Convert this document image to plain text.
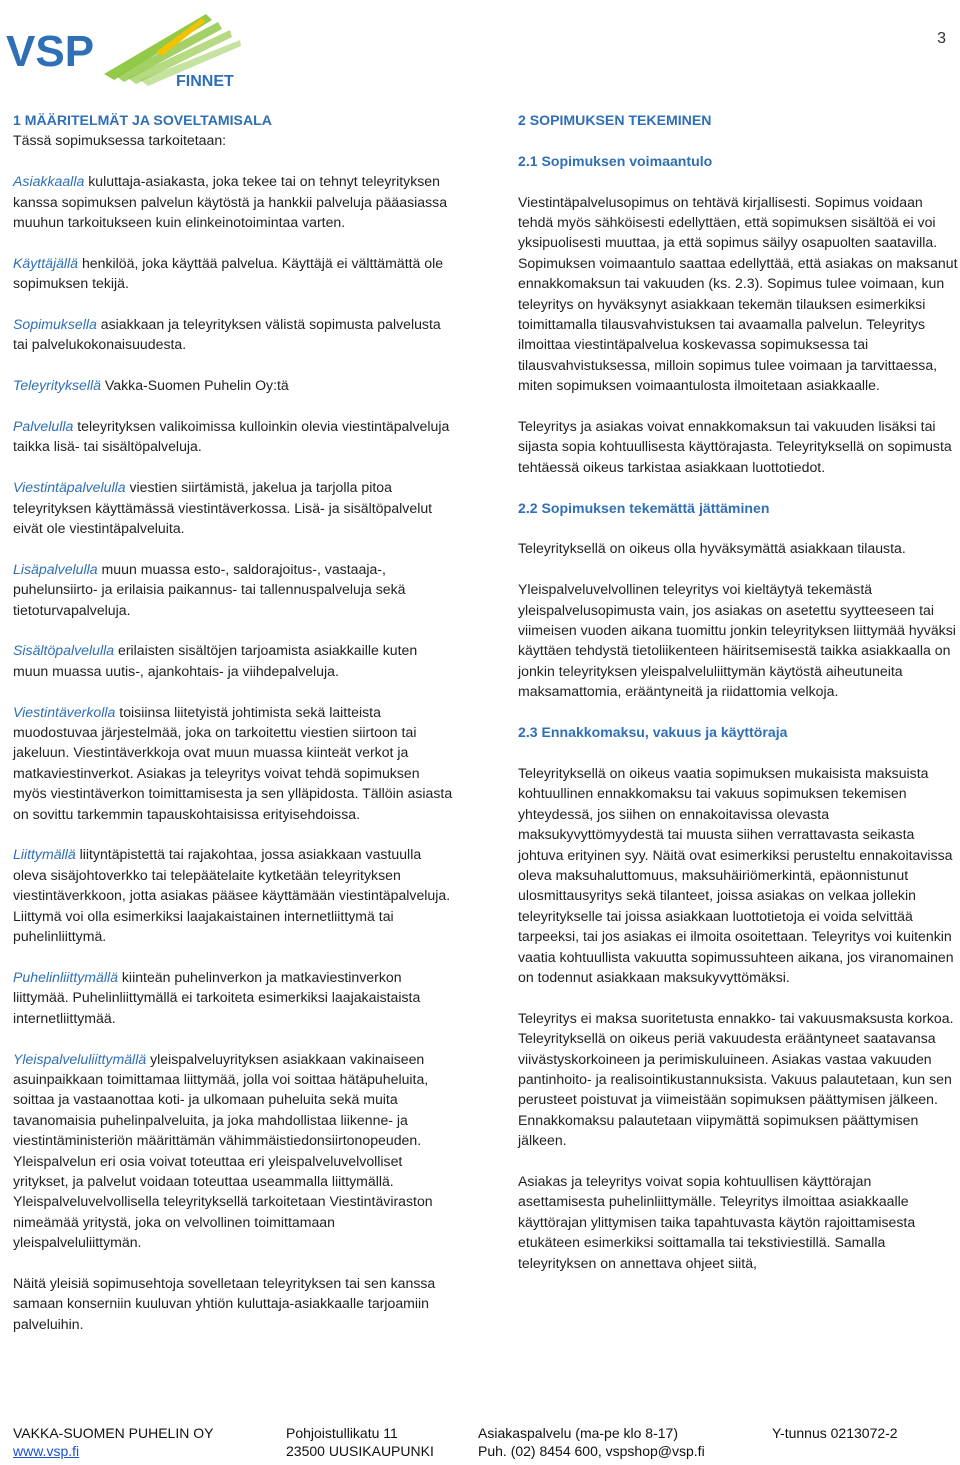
VSP
FINNET
3
1 MÄÄRITELMÄT JA SOVELTAMISALA
Tässä sopimuksessa tarkoitetaan:
Asiakkaalla kuluttaja-asiakasta, joka tekee tai on tehnyt teleyrityksen kanssa sopimuksen palvelun käytöstä ja hankkii palveluja pääasiassa muuhun tarkoitukseen kuin elinkeinotoimintaa varten.
Käyttäjällä henkilöä, joka käyttää palvelua. Käyttäjä ei välttämättä ole sopimuksen tekijä.
Sopimuksella asiakkaan ja teleyrityksen välistä sopimusta palvelusta tai palvelukokonaisuudesta.
Teleyrityksellä Vakka-Suomen Puhelin Oy:tä
Palvelulla teleyrityksen valikoimissa kulloinkin olevia viestintäpalveluja taikka lisä- tai sisältöpalveluja.
Viestintäpalvelulla viestien siirtämistä, jakelua ja tarjolla pitoa teleyrityksen käyttämässä viestintäverkossa. Lisä- ja sisältöpalvelut eivät ole viestintäpalveluita.
Lisäpalvelulla muun muassa esto-, saldorajoitus-, vastaaja-, puhelunsiirto- ja erilaisia paikannus- tai tallennuspalveluja sekä tietoturvapalveluja.
Sisältöpalvelulla erilaisten sisältöjen tarjoamista asiakkaille kuten muun muassa uutis-, ajankohtais- ja viihdepalveluja.
Viestintäverkolla toisiinsa liitetyistä johtimista sekä laitteista muodostuvaa järjestelmää, joka on tarkoitettu viestien siirtoon tai jakeluun. Viestintäverkkoja ovat muun muassa kiinteät verkot ja matkaviestinverkot. Asiakas ja teleyritys voivat tehdä sopimuksen myös viestintäverkon toimittamisesta ja sen ylläpidosta. Tällöin asiasta on sovittu tarkemmin tapauskohtaisissa erityisehdoissa.
Liittymällä liityntäpistettä tai rajakohtaa, jossa asiakkaan vastuulla oleva sisäjohtoverkko tai telepäätelaite kytketään teleyrityksen viestintäverkkoon, jotta asiakas pääsee käyttämään viestintäpalveluja. Liittymä voi olla esimerkiksi laajakaistainen internetliittymä tai puhelinliittymä.
Puhelinliittymällä kiinteän puhelinverkon ja matkaviestinverkon liittymää. Puhelinliittymällä ei tarkoiteta esimerkiksi laajakaistaista internetliittymää.
Yleispalveluliittymällä yleispalveluyrityksen asiakkaan vakinaiseen asuinpaikkaan toimittamaa liittymää, jolla voi soittaa hätäpuheluita, soittaa ja vastaanottaa koti- ja ulkomaan puheluita sekä muita tavanomaisia puhelinpalveluita, ja joka mahdollistaa liikenne- ja viestintäministeriön määrittämän vähimmäistiedonsiirtonopeuden. Yleispalvelun eri osia voivat toteuttaa eri yleispalveluvelvolliset yritykset, ja palvelut voidaan toteuttaa useammalla liittymällä. Yleispalveluvelvollisella teleyrityksellä tarkoitetaan Viestintäviraston nimeämää yritystä, joka on velvollinen toimittamaan yleispalveluliittymän.
Näitä yleisiä sopimusehtoja sovelletaan teleyrityksen tai sen kanssa samaan konserniin kuuluvan yhtiön kuluttaja-asiakkaalle tarjoamiin palveluihin.
2 SOPIMUKSEN TEKEMINEN
2.1 Sopimuksen voimaantulo
Viestintäpalvelusopimus on tehtävä kirjallisesti. Sopimus voidaan tehdä myös sähköisesti edellyttäen, että sopimuksen sisältöä ei voi yksipuolisesti muuttaa, ja että sopimus säilyy osapuolten saatavilla. Sopimuksen voimaantulo saattaa edellyttää, että asiakas on maksanut ennakkomaksun tai vakuuden (ks. 2.3). Sopimus tulee voimaan, kun teleyritys on hyväksynyt asiakkaan tekemän tilauksen esimerkiksi toimittamalla tilausvahvistuksen tai avaamalla palvelun. Teleyritys ilmoittaa viestintäpalvelua koskevassa sopimuksessa tai tilausvahvistuksessa, milloin sopimus tulee voimaan ja tarvittaessa, miten sopimuksen voimaantulosta ilmoitetaan asiakkaalle.
Teleyritys ja asiakas voivat ennakkomaksun tai vakuuden lisäksi tai sijasta sopia kohtuullisesta käyttörajasta. Teleyrityksellä on sopimusta tehtäessä oikeus tarkistaa asiakkaan luottotiedot.
2.2 Sopimuksen tekemättä jättäminen
Teleyrityksellä on oikeus olla hyväksymättä asiakkaan tilausta.
Yleispalveluvelvollinen teleyritys voi kieltäytyä tekemästä yleispalvelusopimusta vain, jos asiakas on asetettu syytteeseen tai viimeisen vuoden aikana tuomittu jonkin teleyrityksen liittymää hyväksi käyttäen tehdystä tietoliikenteen häiritsemisestä taikka asiakkaalla on jonkin teleyrityksen yleispalveluliittymän käytöstä aiheutuneita maksamattomia, erääntyneitä ja riidattomia velkoja.
2.3 Ennakkomaksu, vakuus ja käyttöraja
Teleyrityksellä on oikeus vaatia sopimuksen mukaisista maksuista kohtuullinen ennakkomaksu tai vakuus sopimuksen tekemisen yhteydessä, jos siihen on ennakoitavissa olevasta maksukyvyttömyydestä tai muusta siihen verrattavasta seikasta johtuva erityinen syy. Näitä ovat esimerkiksi perusteltu ennakoitavissa oleva maksuhaluttomuus, maksuhäiriömerkintä, epäonnistunut ulosmittausyritys sekä tilanteet, joissa asiakas on velkaa jollekin teleyritykselle tai joissa asiakkaan luottotietoja ei voida selvittää tarpeeksi, tai jos asiakas ei ilmoita osoitettaan. Teleyritys voi kuitenkin vaatia kohtuullista vakuutta sopimussuhteen aikana, jos viranomainen on todennut asiakkaan maksukyvyttömäksi.
Teleyritys ei maksa suoritetusta ennakko- tai vakuusmaksusta korkoa. Teleyrityksellä on oikeus periä vakuudesta erääntyneet saatavansa viivästyskorkoineen ja perimiskuluineen. Asiakas vastaa vakuuden pantinhoito- ja realisointikustannuksista. Vakuus palautetaan, kun sen perusteet poistuvat ja viimeistään sopimuksen päättymisen jälkeen. Ennakkomaksu palautetaan viipymättä sopimuksen päättymisen jälkeen.
Asiakas ja teleyritys voivat sopia kohtuullisen käyttörajan asettamisesta puhelinliittymälle. Teleyritys ilmoittaa asiakkaalle käyttörajan ylittymisen taika tapahtuvasta käytön rajoittamisesta etukäteen esimerkiksi soittamalla tai tekstiviestillä. Samalla teleyrityksen on annettava ohjeet siitä,
VAKKA-SUOMEN PUHELIN OY
www.vsp.fi
Pohjoistullikatu 11
23500 UUSIKAUPUNKI
Asiakaspalvelu (ma-pe klo 8-17)
Puh. (02) 8454 600, vspshop@vsp.fi
Y-tunnus 0213072-2
